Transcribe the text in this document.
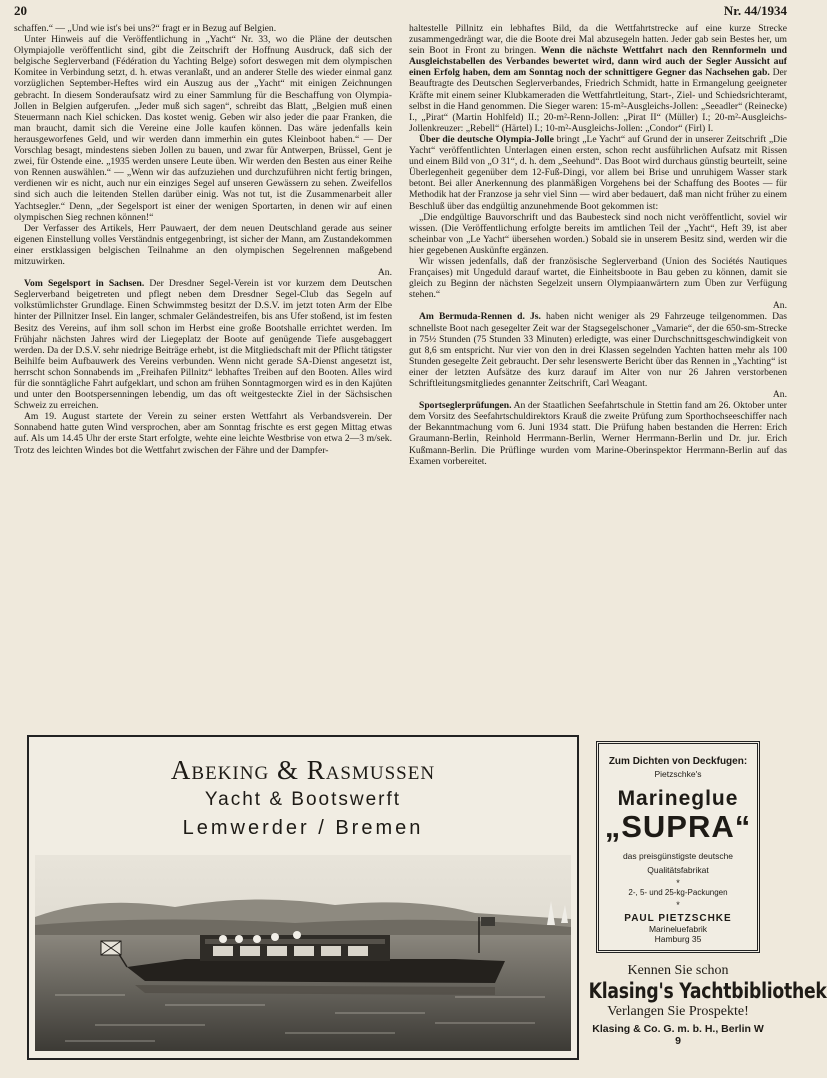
20	Nr. 44/1934

schaffen.“ — „Und wie ist's bei uns?“ fragt er in Bezug auf Belgien.

Unter Hinweis auf die Veröffentlichung in „Yacht“ Nr. 33, wo die Pläne der deutschen Olympiajolle veröffentlicht sind, gibt die Zeitschrift der Hoffnung Ausdruck, daß sich der belgische Seglerverband (Fédération du Yachting Belge) sofort deswegen mit dem olympischen Komitee in Verbindung setzt, d. h. etwas veranlaßt, und an anderer Stelle des wieder einmal ganz vorzüglichen September-Heftes wird ein Auszug aus der „Yacht“ mit einigen Zeichnungen gebracht. In diesem Sonderaufsatz wird zu einer Sammlung für die Beschaffung von Olympia-Jollen in Belgien aufgerufen. „Jeder muß sich sagen“, schreibt das Blatt, „Belgien muß einen Steuermann nach Kiel schicken. Das kostet wenig. Geben wir also jeder die paar Franken, die man braucht, damit sich die Vereine eine Jolle kaufen können. Das wäre jedenfalls kein herausgeworfenes Geld, und wir werden dann immerhin ein gutes Kleinboot haben.“ — Der Vorschlag besagt, mindestens sieben Jollen zu bauen, und zwar für Antwerpen, Brüssel, Gent je zwei, für Ostende eine. „1935 werden unsere Leute üben. Wir werden den Besten aus einer Reihe von Rennen auswählen.“ — „Wenn wir das aufzuziehen und durchzuführen nicht fertig bringen, verdienen wir es nicht, auch nur ein einziges Segel auf unseren Gewässern zu sehen. Zweifellos sind sich auch die leitenden Stellen darüber einig. Was not tut, ist die Zusammenarbeit aller Yachtsegler.“ Denn, „der Segelsport ist einer der wenigen Sportarten, in denen wir auf einen olympischen Sieg rechnen können!“

Der Verfasser des Artikels, Herr Pauwaert, der dem neuen Deutschland gerade aus seiner eigenen Einstellung volles Verständnis entgegenbringt, ist sicher der Mann, am Zustandekommen einer erstklassigen belgischen Teilnahme an den olympischen Segelrennen maßgebend mitzuwirken.

An.

Vom Segelsport in Sachsen. Der Dresdner Segel-Verein ist vor kurzem dem Deutschen Seglerverband beigetreten und pflegt neben dem Dresdner Segel-Club das Segeln auf volkstümlichster Grundlage. Einen Schwimmsteg besitzt der D.S.V. im jetzt toten Arm der Elbe hinter der Pillnitzer Insel. Ein langer, schmaler Geländestreifen, bis ans Ufer stoßend, ist im festen Besitz des Vereins, auf ihm soll schon im Herbst eine große Bootshalle errichtet werden. Im Frühjahr nächsten Jahres wird der Liegeplatz der Boote auf genügende Tiefe ausgebaggert werden. Da der D.S.V. sehr niedrige Beiträge erhebt, ist die Mitgliedschaft mit der Pflicht tätigster Beihilfe beim Aufbauwerk des Vereins verbunden. Wenn nicht gerade SA-Dienst angesetzt ist, herrscht schon Sonnabends im „Freihafen Pillnitz“ lebhaftes Treiben auf den Booten. Alles wird für die sonntägliche Fahrt aufgeklart, und schon am frühen Sonntagmorgen wird es in den Kajüten und unter den Bootspersenningen lebendig, um das oft weitgesteckte Ziel in der Sächsischen Schweiz zu erreichen.

Am 19. August startete der Verein zu seiner ersten Wettfahrt als Verbandsverein. Der Sonnabend hatte guten Wind versprochen, aber am Sonntag frischte es erst gegen Mittag etwas auf. Als um 14.45 Uhr der erste Start erfolgte, wehte eine leichte Westbrise von etwa 2—3 m/sek. Trotz des leichten Windes bot die Wettfahrt zwischen der Fähre und der Dampfer-

haltestelle Pillnitz ein lebhaftes Bild, da die Wettfahrtstrecke auf eine kurze Strecke zusammengedrängt war, die die Boote drei Mal abzusegeln hatten. Jeder gab sein Bestes her, um sein Boot in Front zu bringen. Wenn die nächste Wettfahrt nach den Rennformeln und Ausgleichstabellen des Verbandes bewertet wird, dann wird auch der Segler Aussicht auf einen Erfolg haben, dem am Sonntag noch der schnittigere Gegner das Nachsehen gab. Der Beauftragte des Deutschen Seglerverbandes, Friedrich Schmidt, hatte in Ermangelung geeigneter Kräfte mit einem seiner Klubkameraden die Wettfahrtleitung, Start-, Ziel- und Schiedsrichteramt, selbst in die Hand genommen. Die Sieger waren: 15-m²-Ausgleichs-Jollen: „Seeadler“ (Reinecke) I., „Pirat“ (Martin Hohlfeld) II.; 20-m²-Renn-Jollen: „Pirat II“ (Müller) I.; 20-m²-Ausgleichs-Jollenkreuzer: „Rebell“ (Härtel) I.; 10-m²-Ausgleichs-Jollen: „Condor“ (Firl) I.

Über die deutsche Olympia-Jolle bringt „Le Yacht“ auf Grund der in unserer Zeitschrift „Die Yacht“ veröffentlichten Unterlagen einen ersten, schon recht ausführlichen Aufsatz mit Rissen und einem Bild von „O 31“, d. h. dem „Seehund“. Das Boot wird durchaus günstig beurteilt, seine Überlegenheit gegenüber dem 12-Fuß-Dingi, vor allem bei Brise und unruhigem Wasser stark betont. Bei aller Anerkennung des planmäßigen Vorgehens bei der Schaffung des Bootes — für Methodik hat der Franzose ja sehr viel Sinn — wird aber bedauert, daß man nicht früher zu einem Beschluß über das endgültig anzunehmende Boot gekommen ist:

„Die endgültige Bauvorschrift und das Baubesteck sind noch nicht veröffentlicht, soviel wir wissen. (Die Veröffentlichung erfolgte bereits im amtlichen Teil der „Yacht“, Heft 39, ist aber scheinbar von „Le Yacht“ übersehen worden.) Sobald sie in unserem Besitz sind, werden wir die hier gegebenen Auskünfte ergänzen.

Wir wissen jedenfalls, daß der französische Seglerverband (Union des Sociétés Nautiques Françaises) mit Ungeduld darauf wartet, die Einheitsboote in Bau geben zu können, damit sie gleich zu Beginn der nächsten Segelzeit unsern Olympiaanwärtern zum Üben zur Verfügung stehen.“

An.

Am Bermuda-Rennen d. Js. haben nicht weniger als 29 Fahrzeuge teilgenommen. Das schnellste Boot nach gesegelter Zeit war der Stagsegelschoner „Vamarie“, der die 650-sm-Strecke in 75½ Stunden (75 Stunden 33 Minuten) erledigte, was einer Durchschnittsgeschwindigkeit von gut 8,6 sm entspricht. Nur vier von den in drei Klassen segelnden Yachten hatten mehr als 100 Stunden gesegelte Zeit gebraucht. Der sehr lesenswerte Bericht über das Rennen in „Yachting“ ist einer der letzten Aufsätze des kurz darauf im Alter von nur 26 Jahren verstorbenen Schriftleitungsmitgliedes genannter Zeitschrift, Carl Weagant.

An.

Sportseglerprüfungen. An der Staatlichen Seefahrtschule in Stettin fand am 26. Oktober unter dem Vorsitz des Seefahrtschuldirektors Krauß die zweite Prüfung zum Sporthochseeschiffer nach der Bekanntmachung vom 6. Juni 1934 statt. Die Prüfung haben bestanden die Herren: Erich Graumann-Berlin, Reinhold Herrmann-Berlin, Werner Herrmann-Berlin und Dr. jur. Erich Kußmann-Berlin. Die Prüflinge wurden vom Marine-Oberinspektor Herrmann-Berlin auf das Examen vorbereitet.

Abeking & Rasmussen
Yacht & Bootswerft
Lemwerder / Bremen
Zum Dichten von Deckfugen:
Pietzschke's
Marineglue
„SUPRA“
das preisgünstigste deutsche
Qualitätsfabrikat
*
2-, 5- und 25-kg-Packungen
*
PAUL PIETZSCHKE
Marineluefabrik
Hamburg 35
Kennen Sie schon
Klasing's Yachtbibliothek
Verlangen Sie Prospekte!
Klasing & Co. G. m. b. H., Berlin W 9
